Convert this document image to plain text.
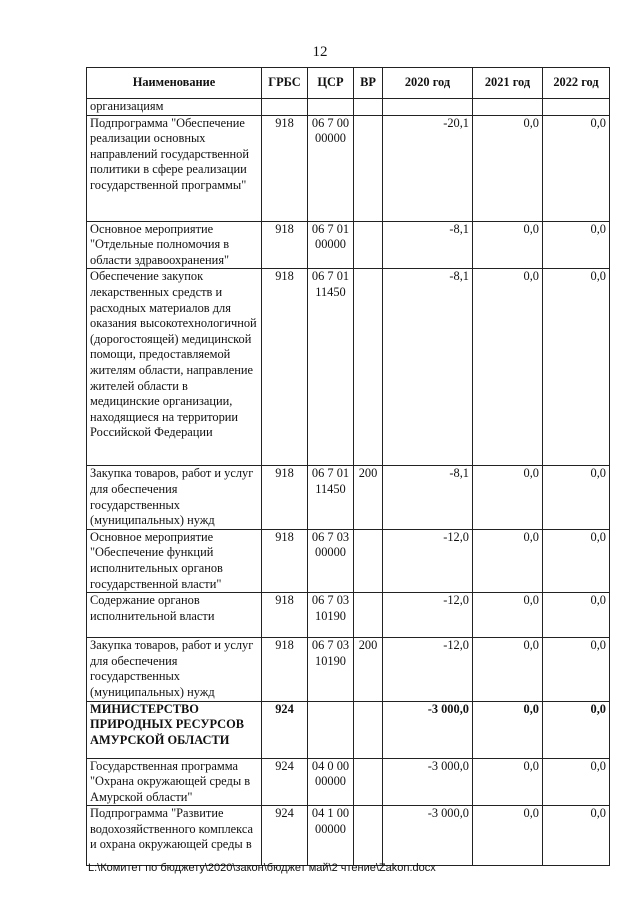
12
Наименование	ГРБС	ЦСР	ВР	2020 год	2021 год	2022 год
организациям						
Подпрограмма "Обеспечение реализации основных направлений государственной политики в сфере реализации государственной программы"	918	06 7 00 00000		-20,1	0,0	0,0
Основное мероприятие "Отдельные полномочия в области здравоохранения"	918	06 7 01 00000		-8,1	0,0	0,0
Обеспечение закупок лекарственных средств и расходных материалов для оказания высокотехнологичной (дорогостоящей) медицинской помощи, предоставляемой жителям области, направление жителей области в медицинские организации, находящиеся на территории Российской Федерации	918	06 7 01 11450		-8,1	0,0	0,0
Закупка товаров, работ и услуг для обеспечения государственных (муниципальных) нужд	918	06 7 01 11450	200	-8,1	0,0	0,0
Основное мероприятие "Обеспечение функций исполнительных органов государственной власти"	918	06 7 03 00000		-12,0	0,0	0,0
Содержание органов исполнительной власти	918	06 7 03 10190		-12,0	0,0	0,0
Закупка товаров, работ и услуг для обеспечения государственных (муниципальных) нужд	918	06 7 03 10190	200	-12,0	0,0	0,0
МИНИСТЕРСТВО ПРИРОДНЫХ РЕСУРСОВ АМУРСКОЙ ОБЛАСТИ	924			-3 000,0	0,0	0,0
Государственная программа "Охрана окружающей среды в Амурской области"	924	04 0 00 00000		-3 000,0	0,0	0,0
Подпрограмма "Развитие водохозяйственного комплекса и охрана окружающей среды в	924	04 1 00 00000		-3 000,0	0,0	0,0
L:\Комитет по бюджету\2020\закон\бюджет май\2 чтение\Zakon.docx
